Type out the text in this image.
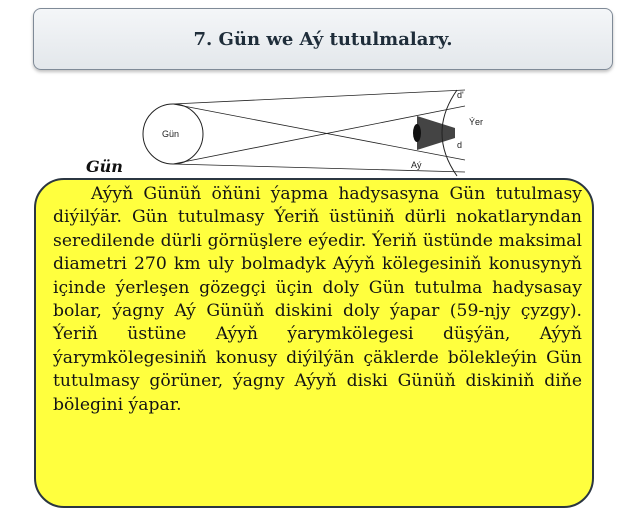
7. Gün we Aý tutulmalary.
Gün
Aý
Ýer
d'
d
Gün

Aýyň Günüň öňüni ýapma hadysasyna Gün tutulmasy diýilýär. Gün tutulmasy Ýeriň üstüniň dürli nokatlaryndan seredilende dürli görnüşlere eýedir. Ýeriň üstünde maksimal diametri 270 km uly bolmadyk Aýyň kölegesiniň konusynyň içinde ýerleşen gözegçi üçin doly Gün tutulma hadysasay bolar, ýagny Aý Günüň diskini doly ýapar (59-njy çyzgy). Ýeriň üstüne Aýyň ýarymkölegesi düşýän, Aýyň ýarymkölegesiniň konusy diýilýän çäklerde bölekleýin Gün tutulmasy görüner, ýagny Aýyň diski Günüň diskiniň diňe bölegini ýapar.
